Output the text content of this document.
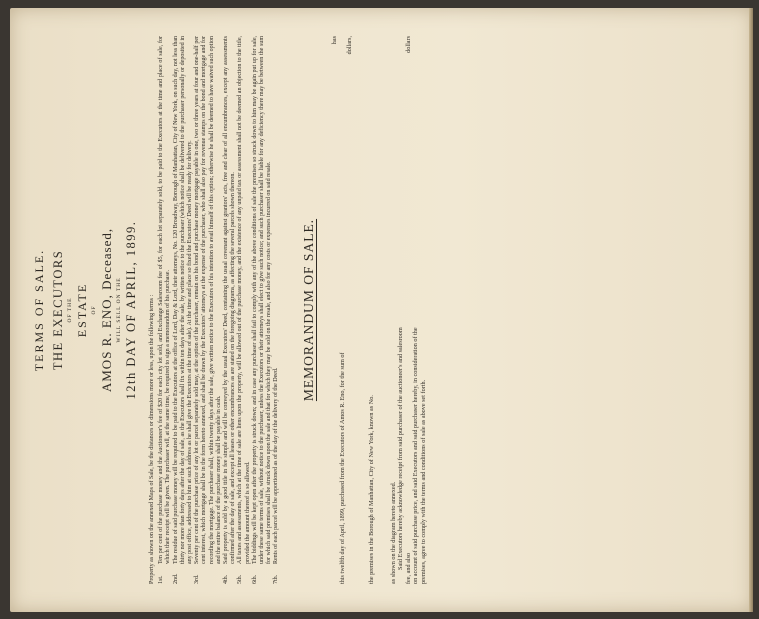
TERMS OF SALE. THE EXECUTORS OF THE ESTATE OF AMOS R. ENO, Deceased, WILL SELL ON THE 12th DAY OF APRIL, 1899. Property as shown on the annexed Maps of Sale, be the distances or dimensions more or less, upon the following terms : 1st.
Ten per cent of the purchase money and the Auctioneer's fee of $20 for each city lot sold, and Exchange Salesroom fee of $5, for each lot separately sold, to be paid to the Executors at the time and place of sale, for which their receipt will be given. The purchaser will, at the same time, be required to sign a memorandum of his purchase.

2nd.
The residue of said purchase money will be required to be paid to the Executors at the office of Lord, Day & Lord, their attorneys, No. 120 Broadway, Borough of Manhattan, City of New York, on such day, not less than thirty nor more than forty days after the day of sale, as the Executors shall fix within ten days after the sale, by written notice to the purchaser (which notice shall be delivered to the purchaser personally or deposited in any post office, addressed to him at such address as he shall give the Executors at the time of sale). At the time and place so fixed the Executors' Deed will be ready for delivery.

3rd.
Seventy per cent of the purchase price of any lot or parcel separately sold may, at the option of the purchaser, remain on his bond and purchase money mortgage payable in one, two or three years at four and one-half per cent interest, which mortgage shall be in the form hereto annexed, and shall be drawn by the Executors' attorneys at the expense of the purchaser, who shall also pay for revenue stamps on the bond and mortgage and for recording the mortgage. The purchaser shall, within twenty days after the sale, give written notice to the Executors of his intention to avail himself of this option; otherwise he shall be deemed to have waived such option and the entire balance of the purchase money shall be payable in cash.

4th.
Said property is sold by a good title in fee simple and will be conveyed by the usual Executors' Deed, containing the usual covenant against grantors' acts, free and clear of all encumbrances, except any assessments confirmed after the day of sale, and except all leases or other encumbrances as are stated on the foregoing diagrams, as affecting the several parcels shown thereon.

5th.
All taxes and assessments, which at the time of sale are liens upon the property, will be allowed out of the purchase money, and the existence of any unpaid tax or assessment shall not be deemed an objection to the title, provided the amount thereof is so allowed.

6th.
The biddings will be kept open after the property is struck down; and in case any purchaser shall fail to comply with any of the above conditions of sale the premises so struck down to him may be again put up for sale, under these same terms of sale, without notice to the purchaser, unless the Executors or their attorneys shall elect to give such notice; and such purchaser shall be liable for any deficiency there may be between the sum for which said premises shall be struck down upon the sale and that for which they may be sold on the resale, and also for any costs or expenses incurred on said resale.

7th.
Rents of each parcel will be apportioned as of the day of the delivery of the Deed.

MEMORANDUM OF SALE.
has
this twelfth day of April, 1899, purchased from the Executors of Amos R. Eno, for the sum of
dollars,
the premises in the Borough of Manhattan, City of New York, known as No. as shown on the diagram hereto annexed. Said Executors hereby acknowledge receipt from said purchaser of the auctioneer's and salesroom fee, and also
dollars
on account of said purchase price, and said Executors and said purchaser hereby, in consideration of the premises, agree to comply with the terms and conditions of sale as above set forth.
